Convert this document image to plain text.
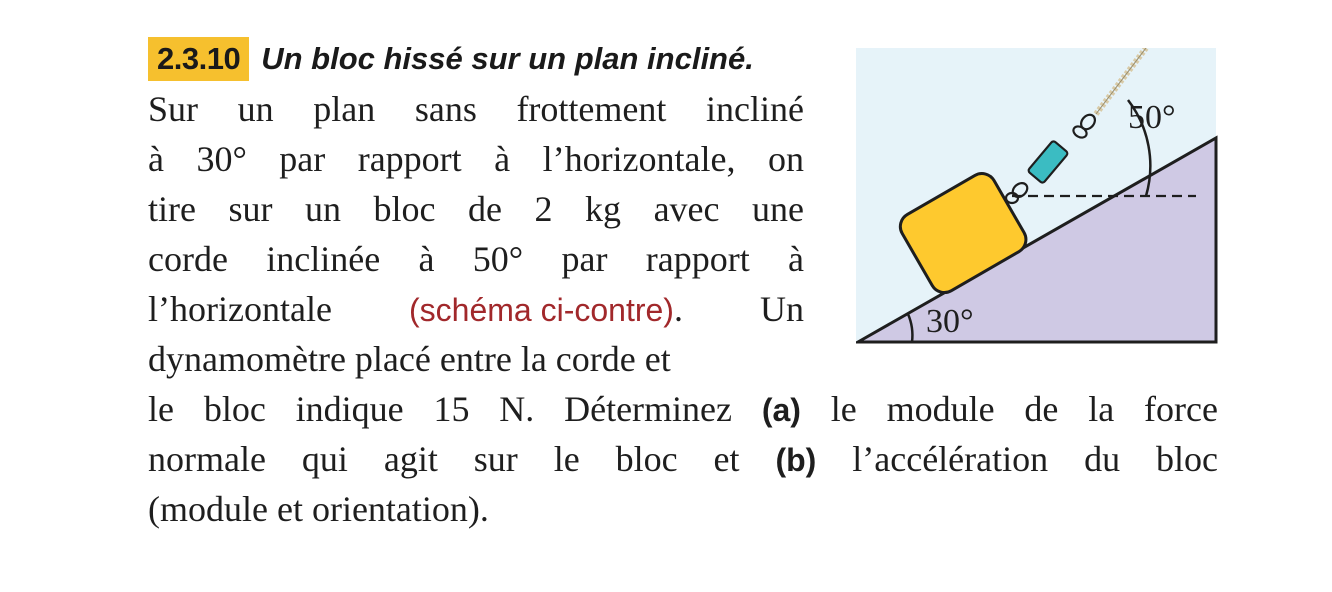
2.3.10 Un bloc hissé sur un plan incliné.
Sur un plan sans frottement incliné
à 30° par rapport à l’horizontale, on
tire sur un bloc de 2 kg avec une
corde inclinée à 50° par rapport à
l’horizontale (schéma ci-contre). Un
dynamomètre placé entre la corde et
le bloc indique 15 N. Déterminez (a) le module de la force
normale qui agit sur le bloc et (b) l’accélération du bloc
(module et orientation).
30°
50°
